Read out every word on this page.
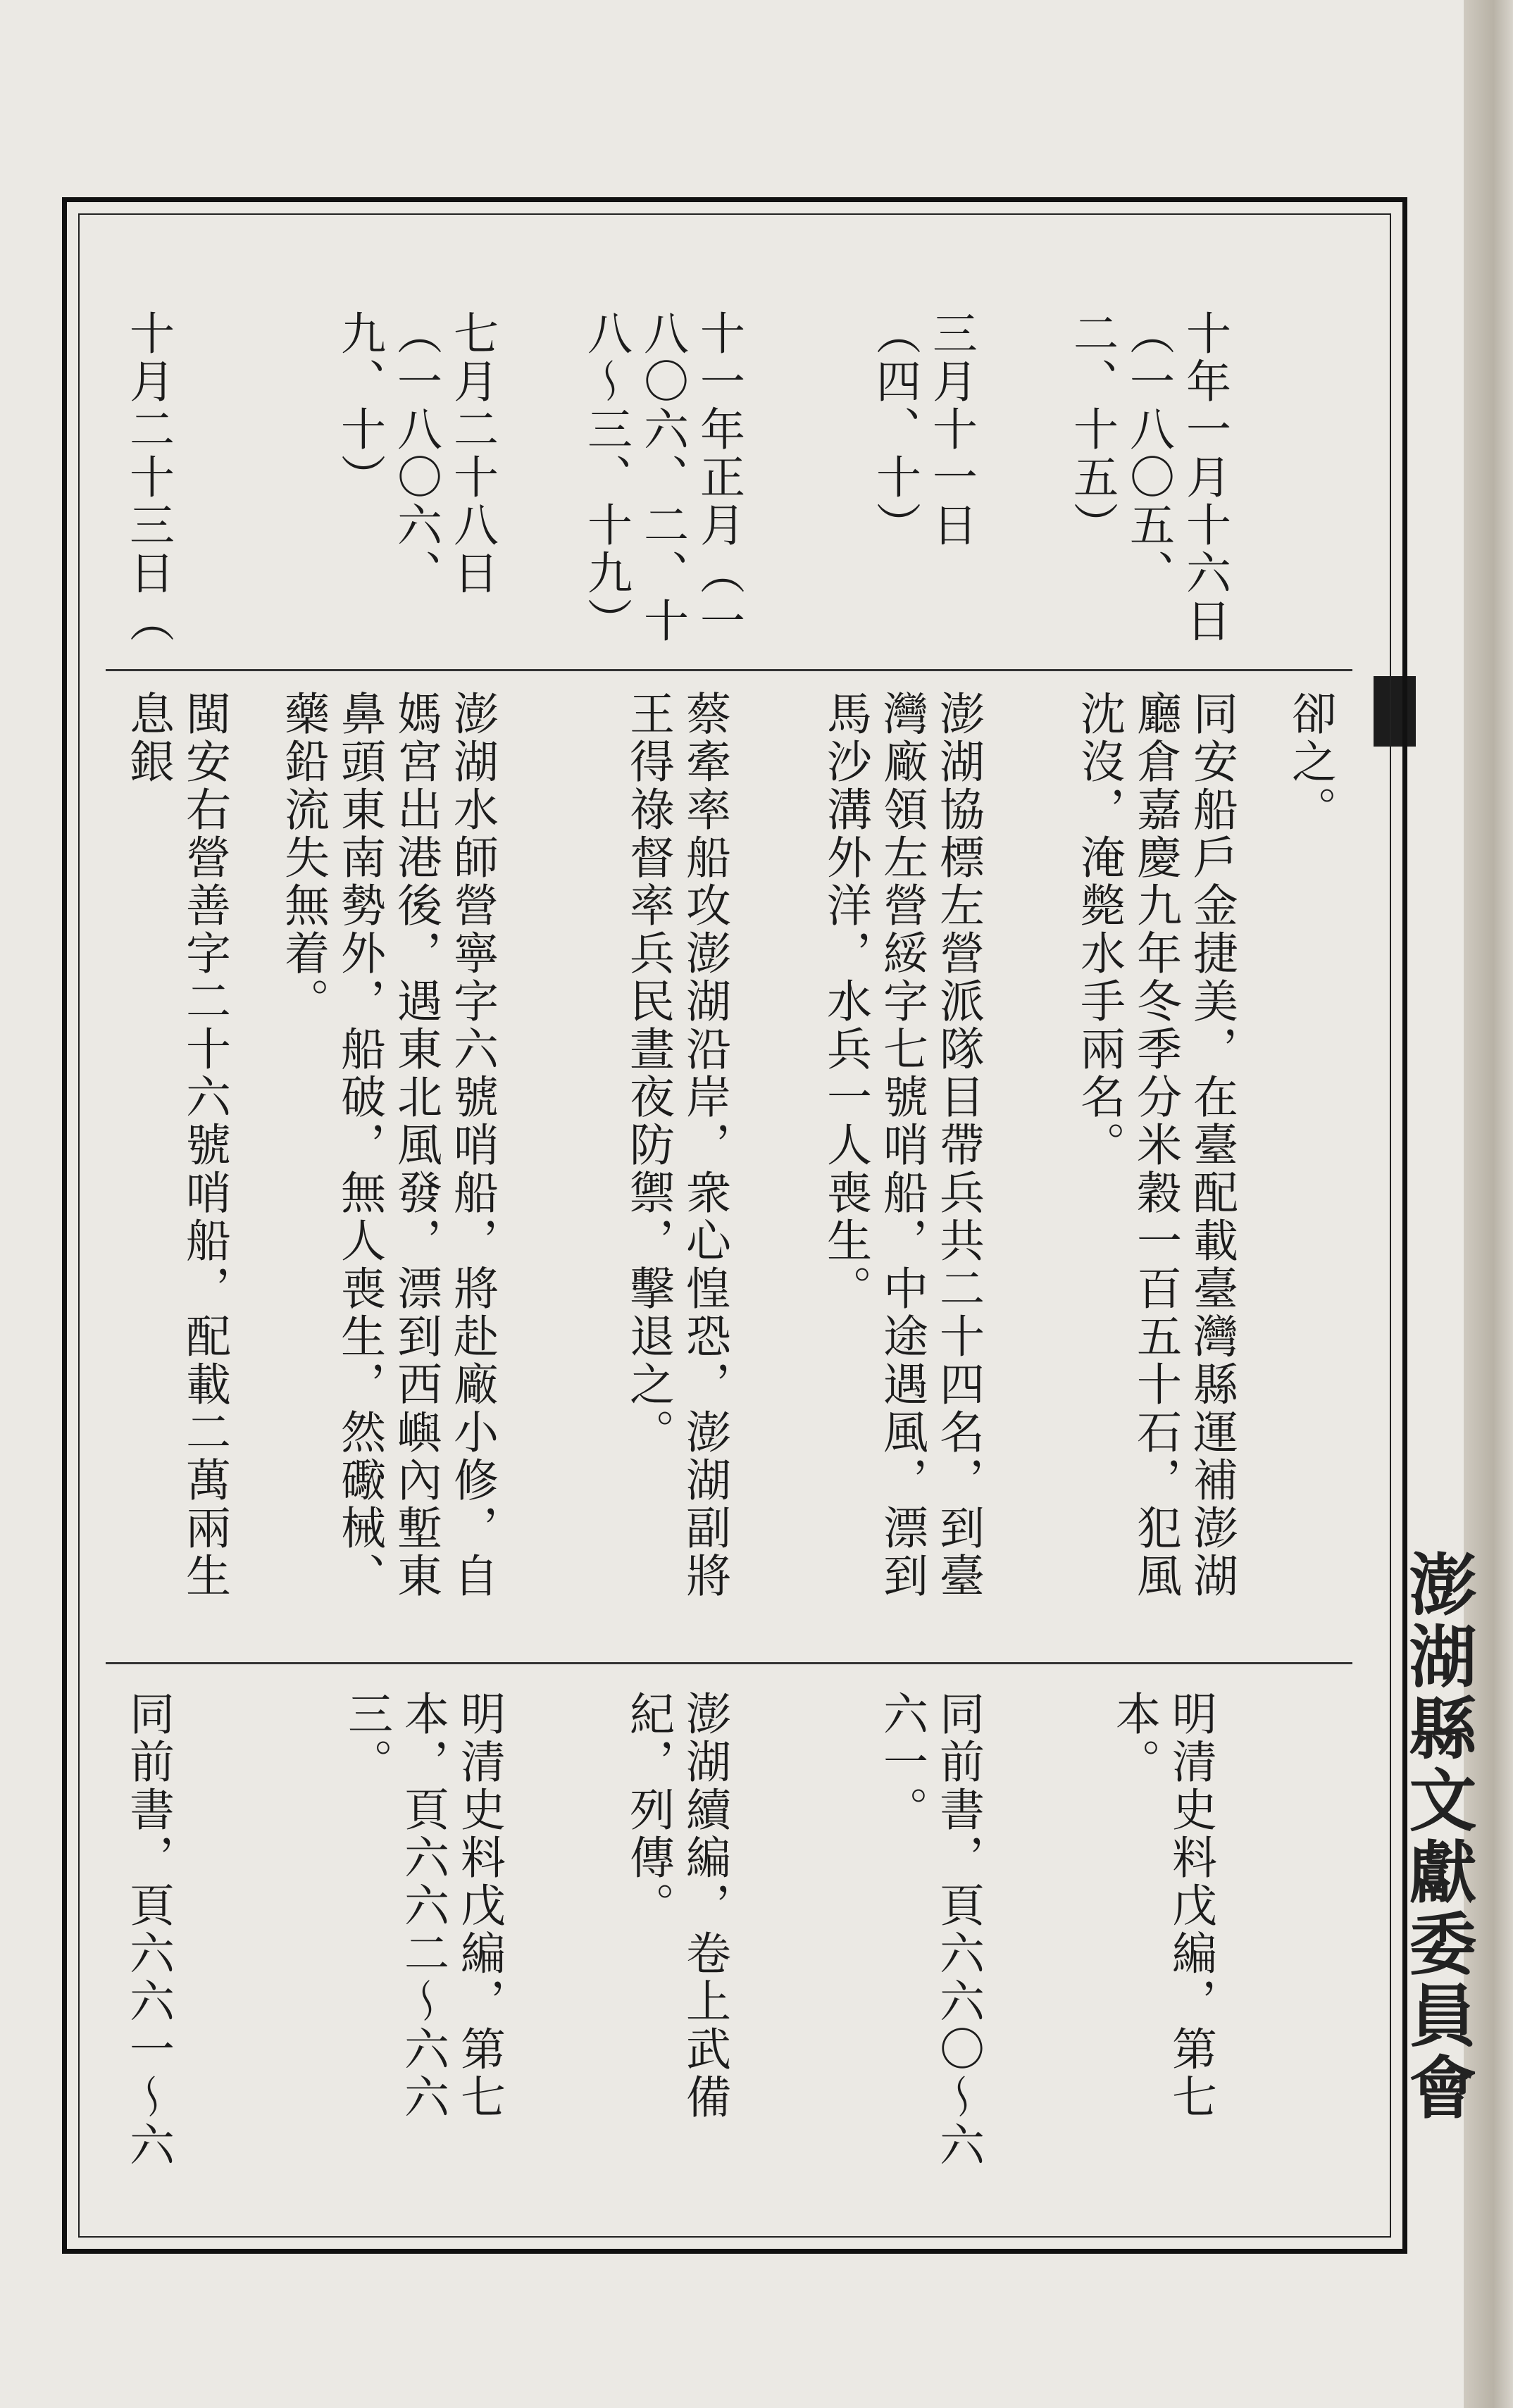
澎湖縣文獻委員會
卻之。
十年一月十六日（一八〇五、二、十五）
同安船戶金捷美，在臺配載臺灣縣運補澎湖廳倉嘉慶九年冬季分米穀一百五十石，犯風沈沒，淹斃水手兩名。
明清史料戊編，第七本。
三月十一日（四、十）
澎湖協標左營派隊目帶兵共二十四名，到臺灣廠領左營綏字七號哨船，中途遇風，漂到馬沙溝外洋，水兵一人喪生。
同前書，頁六六〇～六六一。
十一年正月（一八〇六、二、十八～三、十九）
蔡牽率船攻澎湖沿岸，衆心惶恐，澎湖副將王得祿督率兵民晝夜防禦，擊退之。
澎湖續編，卷上武備紀，列傳。
七月二十八日（一八〇六、九、十）
澎湖水師營寧字六號哨船，將赴廠小修，自媽宮出港後，遇東北風發，漂到西嶼內塹東鼻頭東南勢外，船破，無人喪生，然礮械、藥鉛流失無着。
明清史料戊編，第七本，頁六六二～六六三。
十月二十三日（
閩安右營善字二十六號哨船，配載二萬兩生息銀
同前書，頁六六一～六
